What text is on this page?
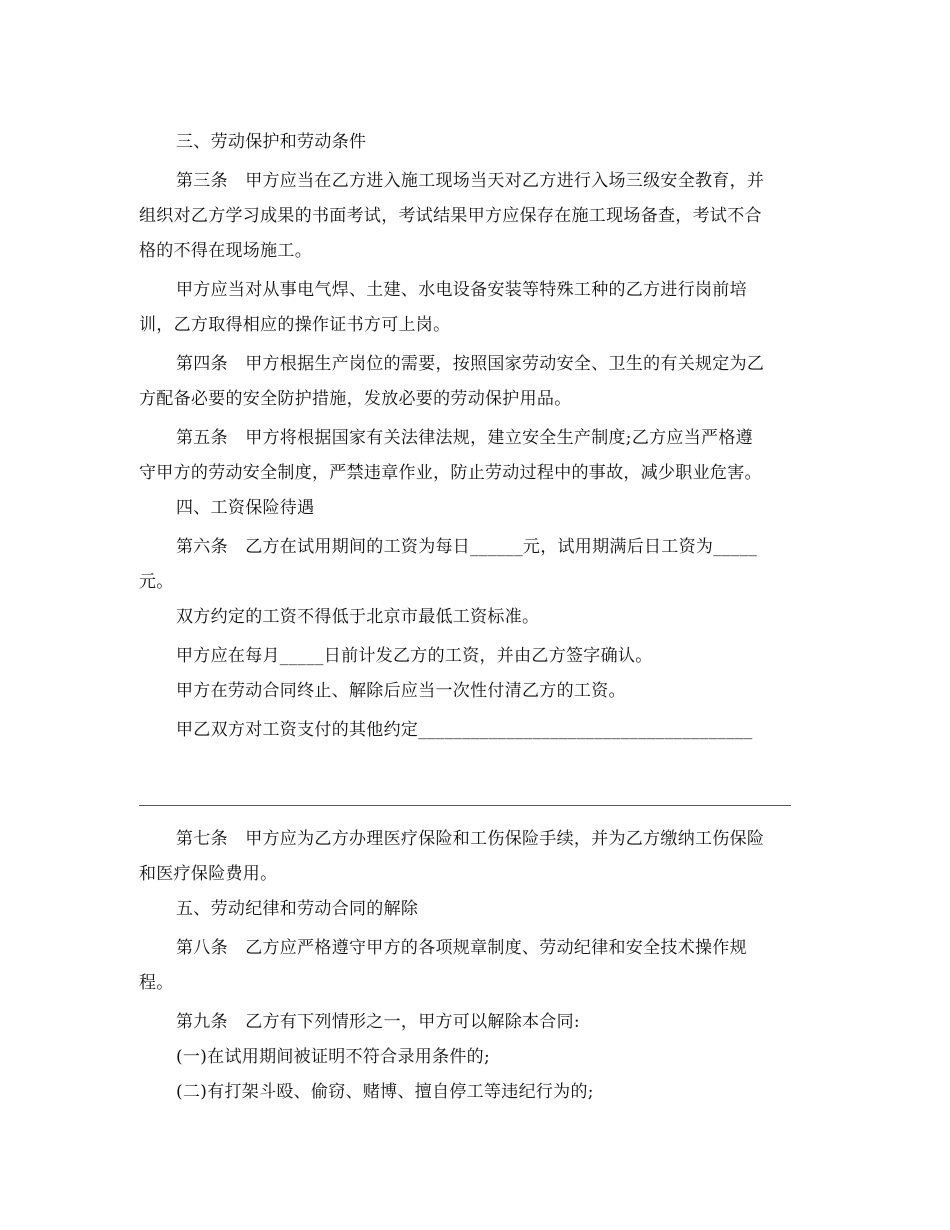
三、劳动保护和劳动条件
第三条　甲方应当在乙方进入施工现场当天对乙方进行入场三级安全教育，并
组织对乙方学习成果的书面考试，考试结果甲方应保存在施工现场备查，考试不合
格的不得在现场施工。
甲方应当对从事电气焊、土建、水电设备安装等特殊工种的乙方进行岗前培
训，乙方取得相应的操作证书方可上岗。
第四条　甲方根据生产岗位的需要，按照国家劳动安全、卫生的有关规定为乙
方配备必要的安全防护措施，发放必要的劳动保护用品。
第五条　甲方将根据国家有关法律法规，建立安全生产制度;乙方应当严格遵
守甲方的劳动安全制度，严禁违章作业，防止劳动过程中的事故，减少职业危害。
四、工资保险待遇
第六条　乙方在试用期间的工资为每日______元，试用期满后日工资为_____
元。
双方约定的工资不得低于北京市最低工资标准。
甲方应在每月_____日前计发乙方的工资，并由乙方签字确认。
甲方在劳动合同终止、解除后应当一次性付清乙方的工资。
甲乙双方对工资支付的其他约定______________________________________
第七条　甲方应为乙方办理医疗保险和工伤保险手续，并为乙方缴纳工伤保险
和医疗保险费用。
五、劳动纪律和劳动合同的解除
第八条　乙方应严格遵守甲方的各项规章制度、劳动纪律和安全技术操作规
程。
第九条　乙方有下列情形之一，甲方可以解除本合同:
(一)在试用期间被证明不符合录用条件的;
(二)有打架斗殴、偷窃、赌博、擅自停工等违纪行为的;
